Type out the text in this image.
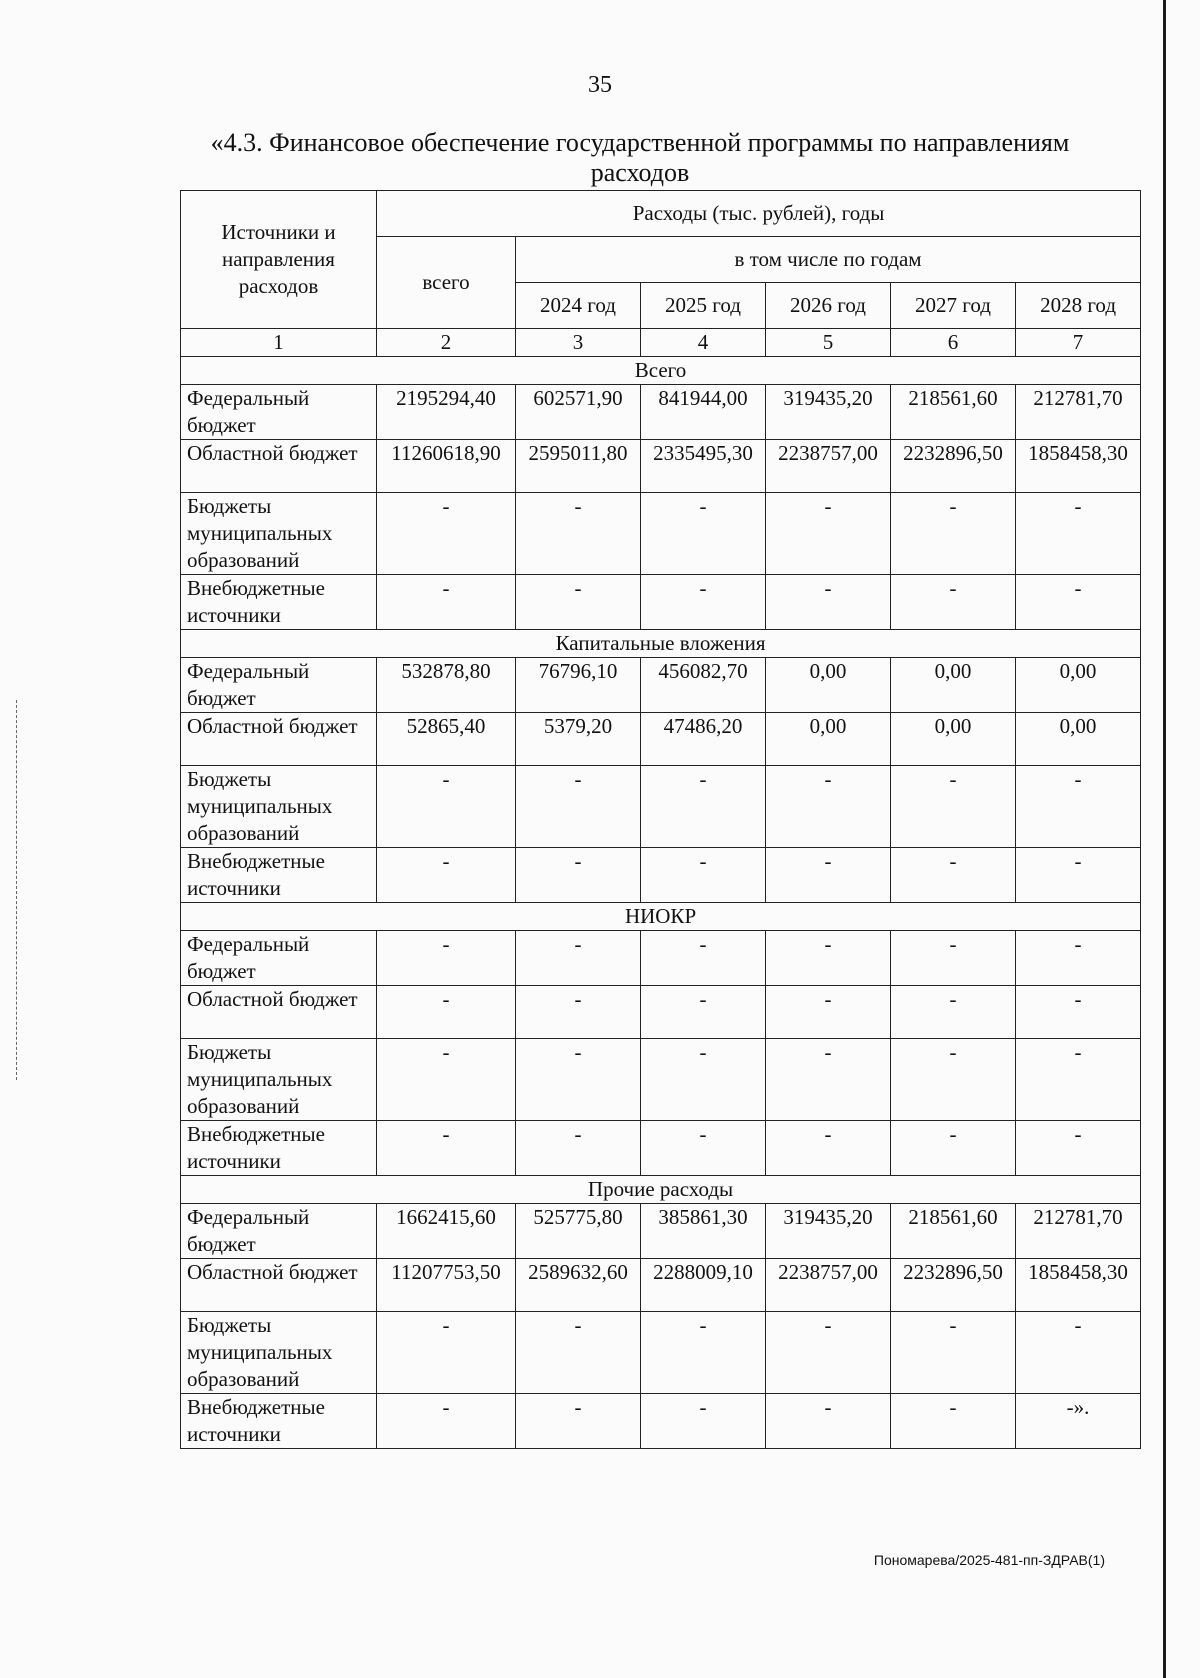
35
«4.3. Финансовое обеспечение государственной программы по направлениям расходов
Источники и направления расходов	Расходы (тыс. рублей), годы					
	всего	в том числе по годам				
		2024 год	2025 год	2026 год	2027 год	2028 год
1	2	3	4	5	6	7
Всего						
Федеральный бюджет	2195294,40	602571,90	841944,00	319435,20	218561,60	212781,70
Областной бюджет	11260618,90	2595011,80	2335495,30	2238757,00	2232896,50	1858458,30
Бюджеты муниципальных образований	-	-	-	-	-	-
Внебюджетные источники	-	-	-	-	-	-
Капитальные вложения						
Федеральный бюджет	532878,80	76796,10	456082,70	0,00	0,00	0,00
Областной бюджет	52865,40	5379,20	47486,20	0,00	0,00	0,00
Бюджеты муниципальных образований	-	-	-	-	-	-
Внебюджетные источники	-	-	-	-	-	-
НИОКР						
Федеральный бюджет	-	-	-	-	-	-
Областной бюджет	-	-	-	-	-	-
Бюджеты муниципальных образований	-	-	-	-	-	-
Внебюджетные источники	-	-	-	-	-	-
Прочие расходы						
Федеральный бюджет	1662415,60	525775,80	385861,30	319435,20	218561,60	212781,70
Областной бюджет	11207753,50	2589632,60	2288009,10	2238757,00	2232896,50	1858458,30
Бюджеты муниципальных образований	-	-	-	-	-	-
Внебюджетные источники	-	-	-	-	-	-».
Пономарева/2025-481-пп-ЗДРАВ(1)
